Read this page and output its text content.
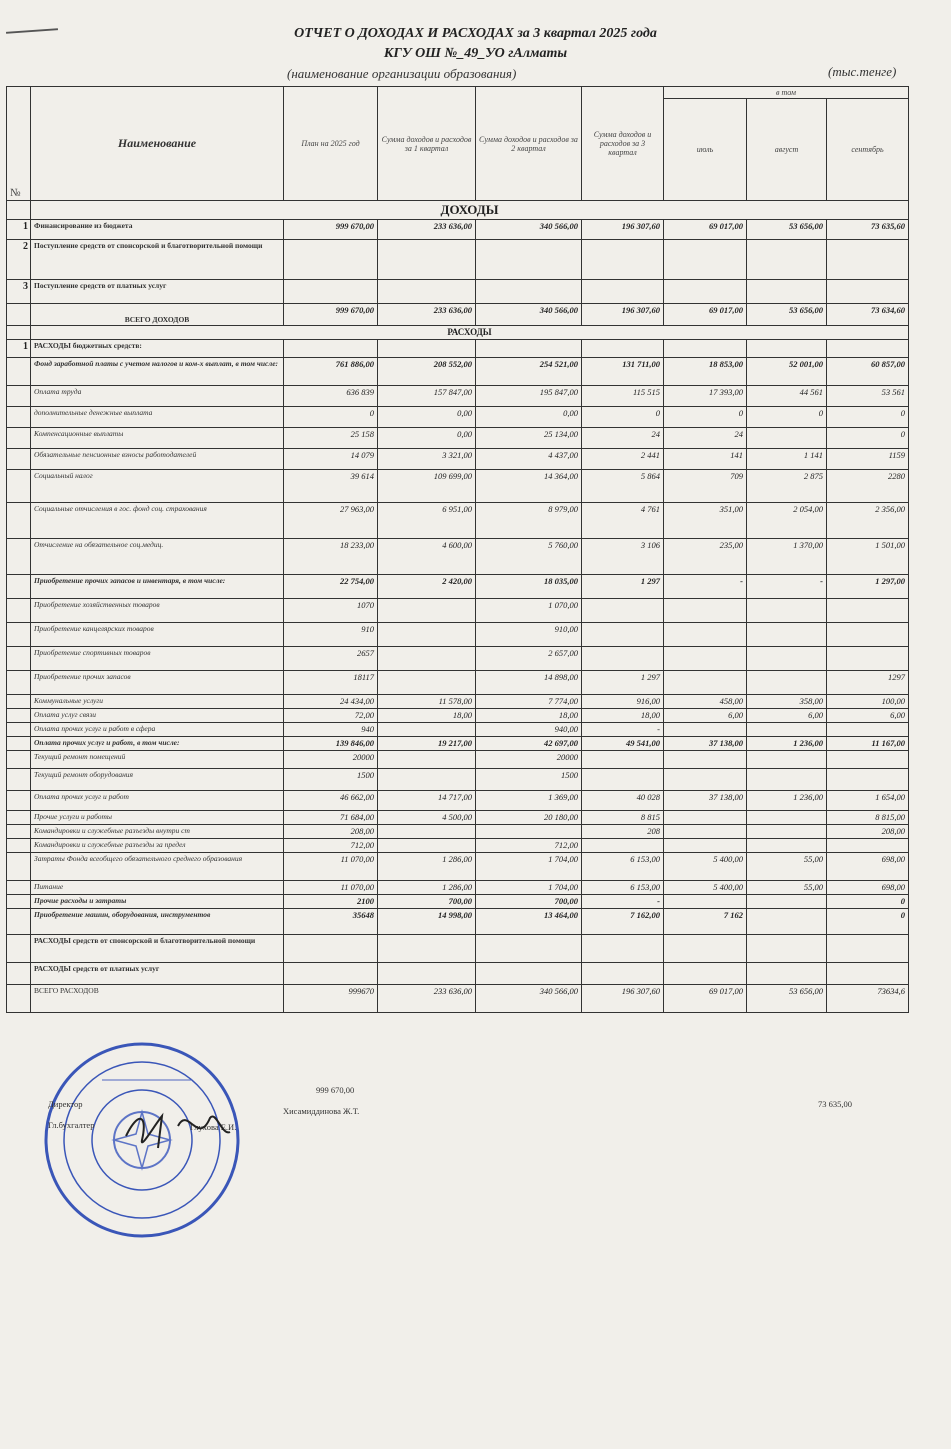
ОТЧЕТ О ДОХОДАХ И РАСХОДАХ за 3 квартал 2025 года
КГУ ОШ №_49_УО гАлматы
(наименование организации образования)	(тыс.тенге)
№	Наименование	План на 2025 год	Сумма доходов и расходов за 1 квартал	Сумма доходов и расходов за 2 квартал	Сумма доходов и расходов за 3 квартал	в том		
						июль	август	сентябрь
	ДОХОДЫ							
1	Финансирование из бюджета	999 670,00	233 636,00	340 566,00	196 307,60	69 017,00	53 656,00	73 635,60
2	Поступление средств от спонсорской и благотворительной помощи							
3	Поступление средств от платных услуг							
	ВСЕГО ДОХОДОВ	999 670,00	233 636,00	340 566,00	196 307,60	69 017,00	53 656,00	73 634,60
	РАСХОДЫ							
1	РАСХОДЫ бюджетных средств:							
	Фонд заработной платы с учетом налогов и ком-х выплат, в том числе:	761 886,00	208 552,00	254 521,00	131 711,00	18 853,00	52 001,00	60 857,00
	Оплата труда	636 839	157 847,00	195 847,00	115 515	17 393,00	44 561	53 561
	дополнительные денежные выплата	0	0,00	0,00	0	0	0	0
	Компенсационные выплаты	25 158	0,00	25 134,00	24	24		0
	Обязательные пенсионные взносы работодателей	14 079	3 321,00	4 437,00	2 441	141	1 141	1159
	Социальный налог	39 614	109 699,00	14 364,00	5 864	709	2 875	2280
	Социальные отчисления в гос. фонд соц. страхования	27 963,00	6 951,00	8 979,00	4 761	351,00	2 054,00	2 356,00
	Отчисление на обязательное соц.медиц.	18 233,00	4 600,00	5 760,00	3 106	235,00	1 370,00	1 501,00
	Приобретение прочих запасов и инвентаря, в том числе:	22 754,00	2 420,00	18 035,00	1 297	-	-	1 297,00
	Приобретение хозяйственных товаров	1070		1 070,00				
	Приобретение канцелярских товаров	910		910,00				
	Приобретение спортивных товаров	2657		2 657,00				
	Приобретение прочих запасов	18117		14 898,00	1 297			1297
	Коммунальные услуги	24 434,00	11 578,00	7 774,00	916,00	458,00	358,00	100,00
	Оплата услуг связи	72,00	18,00	18,00	18,00	6,00	6,00	6,00
	Оплата прочих услуг и работ в сфера	940		940,00	-			
	Оплата прочих услуг и работ, в том числе:	139 846,00	19 217,00	42 697,00	49 541,00	37 138,00	1 236,00	11 167,00
	Текущий ремонт помещений	20000		20000				
	Текущий ремонт оборудования	1500		1500				
	Оплата прочих услуг и работ	46 662,00	14 717,00	1 369,00	40 028	37 138,00	1 236,00	1 654,00
	Прочие услуги и работы	71 684,00	4 500,00	20 180,00	8 815			8 815,00
	Командировки и служебные разъезды внутри ст	208,00			208			208,00
	Командировки и служебные разъезды за предел	712,00		712,00				
	Затраты Фонда всеобщего обязательного среднего образования	11 070,00	1 286,00	1 704,00	6 153,00	5 400,00	55,00	698,00
	Питание	11 070,00	1 286,00	1 704,00	6 153,00	5 400,00	55,00	698,00
	Прочие расходы и затраты	2100	700,00	700,00	-			0
	Приобретение машин, оборудования, инструментов	35648	14 998,00	13 464,00	7 162,00	7 162		0
	РАСХОДЫ средств от спонсорской и благотворительной помощи							
	РАСХОДЫ средств от платных услуг							
	ВСЕГО РАСХОДОВ	999670	233 636,00	340 566,00	196 307,60	69 017,00	53 656,00	73634,6
999 670,00
Директор
Хисамиддинова Ж.Т.
73 635,00
Гл.бухгалтер	Глухова Е.И.
